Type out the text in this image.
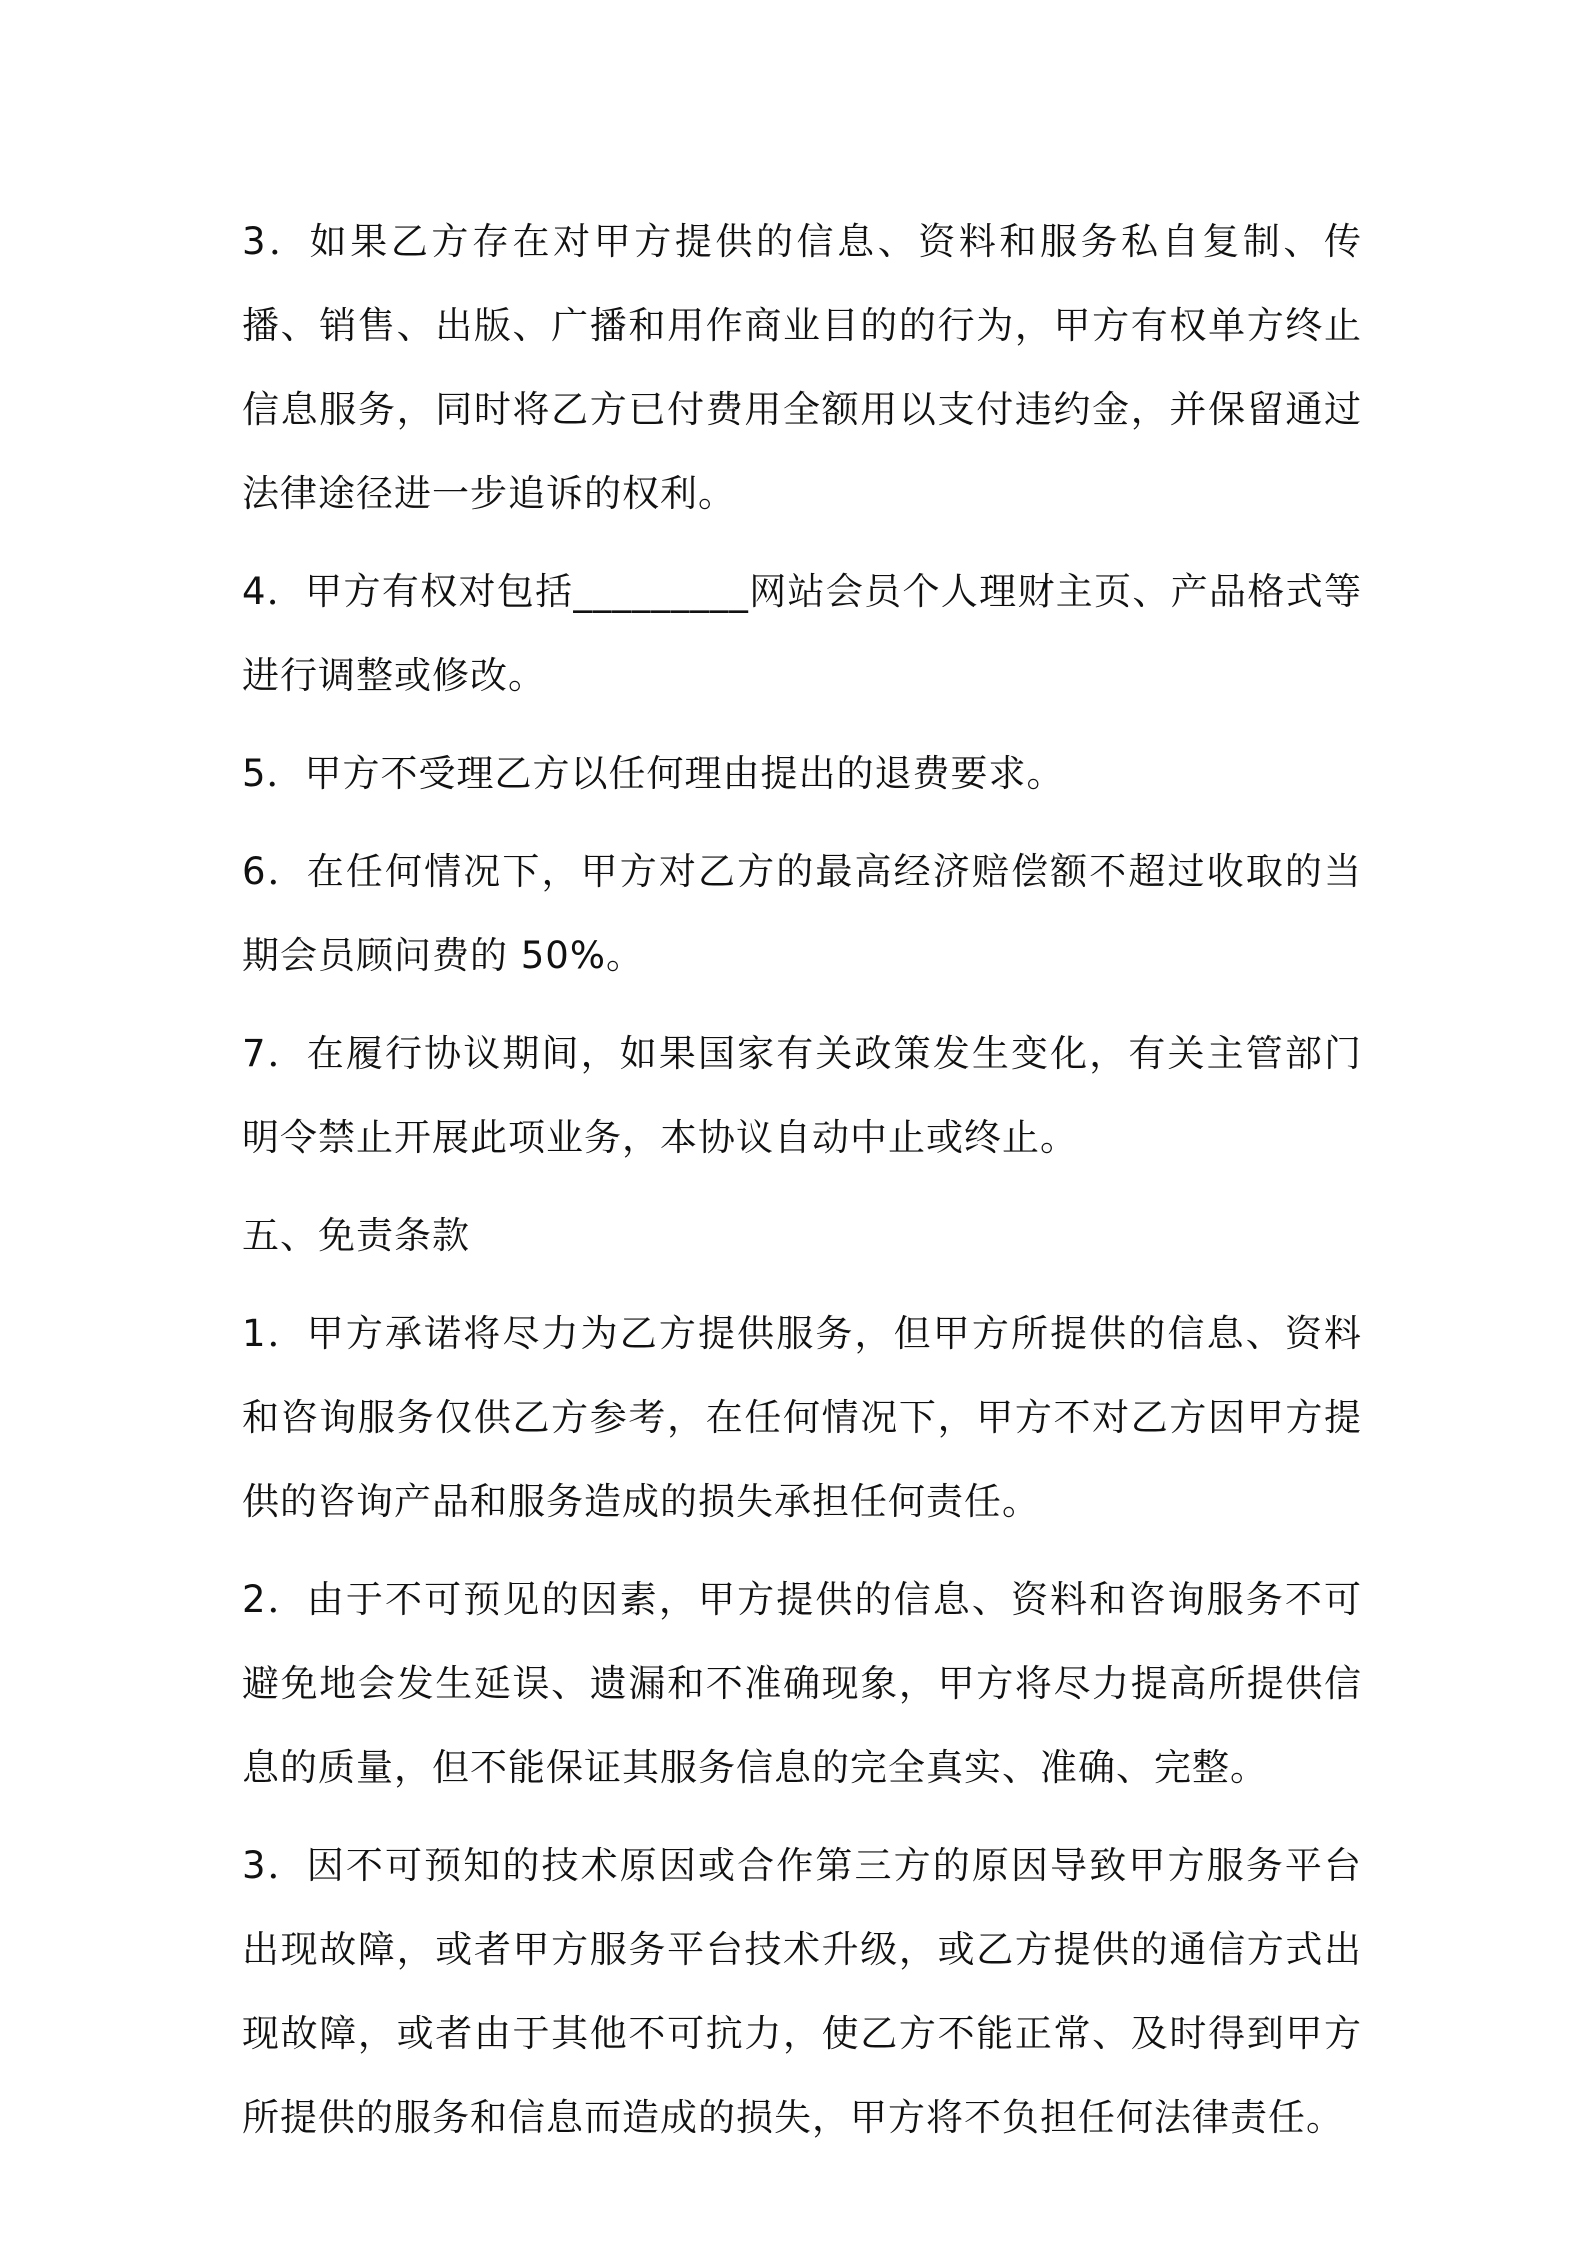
3．如果乙方存在对甲方提供的信息、资料和服务私自复制、传播、销售、出版、广播和用作商业目的的行为，甲方有权单方终止信息服务，同时将乙方已付费用全额用以支付违约金，并保留通过法律途径进一步追诉的权利。

4．甲方有权对包括_________网站会员个人理财主页、产品格式等进行调整或修改。

5．甲方不受理乙方以任何理由提出的退费要求。

6．在任何情况下，甲方对乙方的最高经济赔偿额不超过收取的当期会员顾问费的 50%。

7．在履行协议期间，如果国家有关政策发生变化，有关主管部门明令禁止开展此项业务，本协议自动中止或终止。

五、免责条款

1．甲方承诺将尽力为乙方提供服务，但甲方所提供的信息、资料和咨询服务仅供乙方参考，在任何情况下，甲方不对乙方因甲方提供的咨询产品和服务造成的损失承担任何责任。

2．由于不可预见的因素，甲方提供的信息、资料和咨询服务不可避免地会发生延误、遗漏和不准确现象，甲方将尽力提高所提供信息的质量，但不能保证其服务信息的完全真实、准确、完整。

3．因不可预知的技术原因或合作第三方的原因导致甲方服务平台出现故障，或者甲方服务平台技术升级，或乙方提供的通信方式出现故障，或者由于其他不可抗力，使乙方不能正常、及时得到甲方所提供的服务和信息而造成的损失，甲方将不负担任何法律责任。
